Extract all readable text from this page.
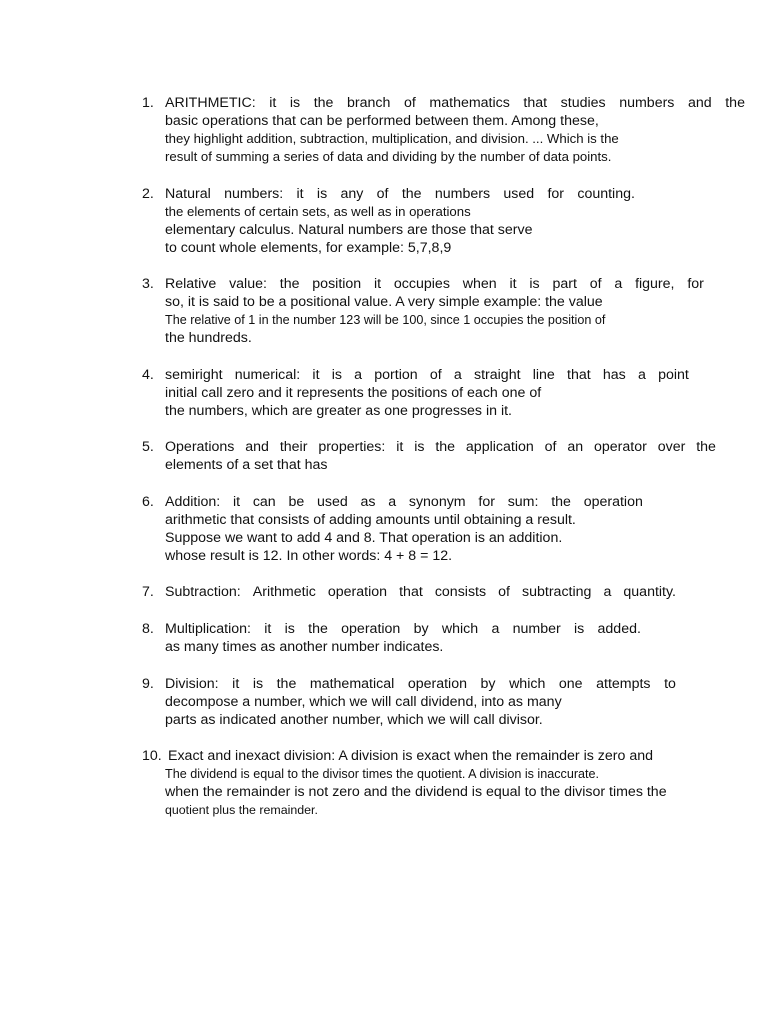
1. ARITHMETIC: it is the branch of mathematics that studies numbers and the
basic operations that can be performed between them. Among these,
they highlight addition, subtraction, multiplication, and division. ... Which is the
result of summing a series of data and dividing by the number of data points.
2. Natural numbers: it is any of the numbers used for counting.
the elements of certain sets, as well as in operations
elementary calculus. Natural numbers are those that serve
to count whole elements, for example: 5,7,8,9
3. Relative value: the position it occupies when it is part of a figure, for
so, it is said to be a positional value. A very simple example: the value
The relative of 1 in the number 123 will be 100, since 1 occupies the position of
the hundreds.
4. semiright numerical: it is a portion of a straight line that has a point
initial call zero and it represents the positions of each one of
the numbers, which are greater as one progresses in it.
5. Operations and their properties: it is the application of an operator over the
elements of a set that has
6. Addition: it can be used as a synonym for sum: the operation
arithmetic that consists of adding amounts until obtaining a result.
Suppose we want to add 4 and 8. That operation is an addition.
whose result is 12. In other words: 4 + 8 = 12.
7. Subtraction: Arithmetic operation that consists of subtracting a quantity.
8. Multiplication: it is the operation by which a number is added.
as many times as another number indicates.
9. Division: it is the mathematical operation by which one attempts to
decompose a number, which we will call dividend, into as many
parts as indicated another number, which we will call divisor.
10. Exact and inexact division: A division is exact when the remainder is zero and
The dividend is equal to the divisor times the quotient. A division is inaccurate.
when the remainder is not zero and the dividend is equal to the divisor times the
quotient plus the remainder.
